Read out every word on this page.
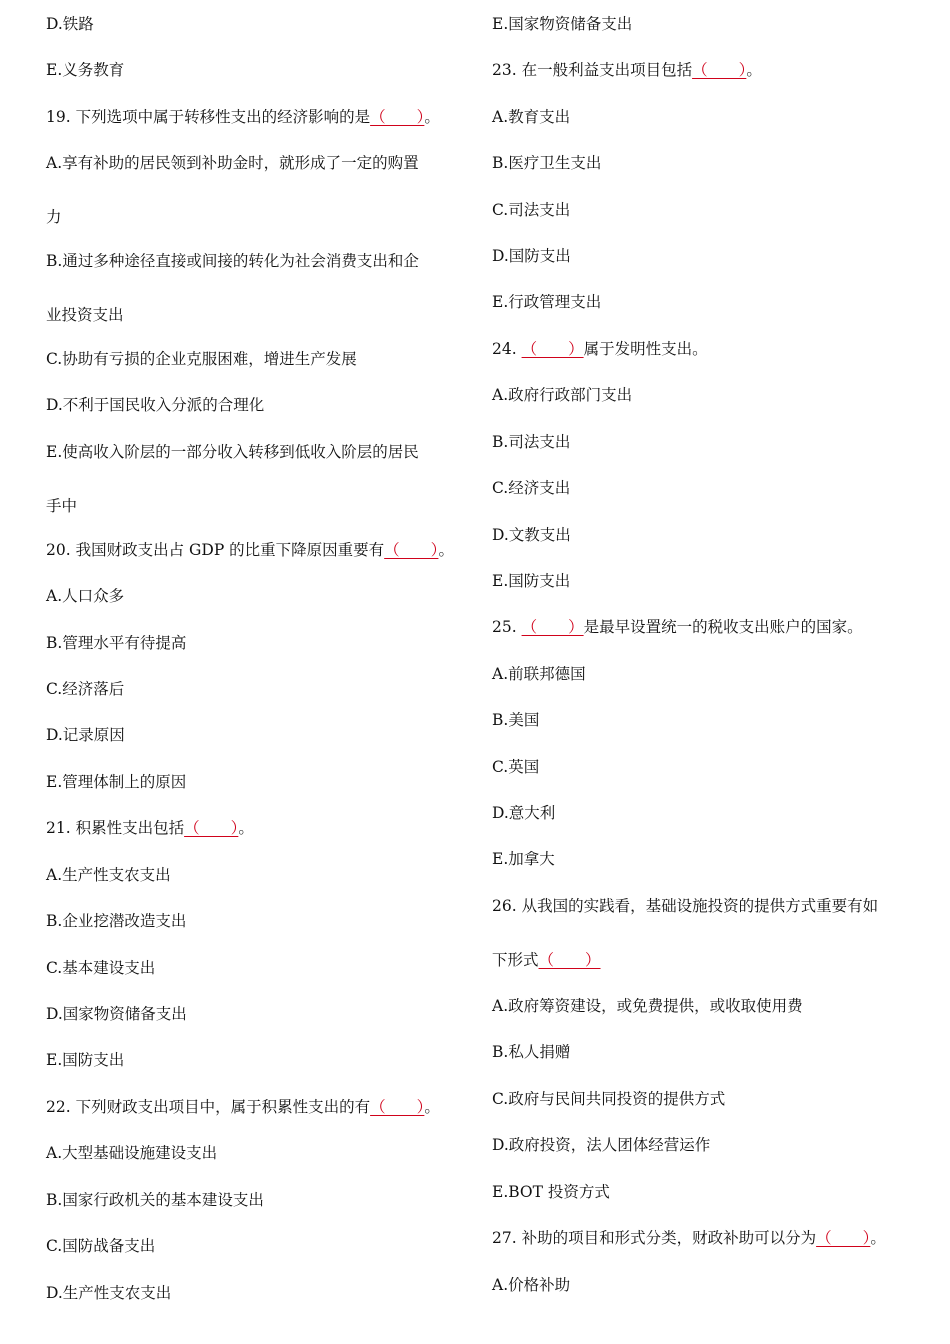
D.铁路
E.义务教育
19. 下列选项中属于转移性支出的经济影响的是（　　）。
A.享有补助的居民领到补助金时，就形成了一定的购置
力
B.通过多种途径直接或间接的转化为社会消费支出和企
业投资支出
C.协助有亏损的企业克服困难，增进生产发展
D.不利于国民收入分派的合理化
E.使高收入阶层的一部分收入转移到低收入阶层的居民
手中
20. 我国财政支出占 GDP 的比重下降原因重要有（　　）。
A.人口众多
B.管理水平有待提高
C.经济落后
D.记录原因
E.管理体制上的原因
21. 积累性支出包括（　　）。
A.生产性支农支出
B.企业挖潜改造支出
C.基本建设支出
D.国家物资储备支出
E.国防支出
22. 下列财政支出项目中，属于积累性支出的有（　　）。
A.大型基础设施建设支出
B.国家行政机关的基本建设支出
C.国防战备支出
D.生产性支农支出
E.国家物资储备支出
23. 在一般利益支出项目包括（　　）。
A.教育支出
B.医疗卫生支出
C.司法支出
D.国防支出
E.行政管理支出
24. （　　）属于发明性支出。
A.政府行政部门支出
B.司法支出
C.经济支出
D.文教支出
E.国防支出
25. （　　）是最早设置统一的税收支出账户的国家。
A.前联邦德国
B.美国
C.英国
D.意大利
E.加拿大
26. 从我国的实践看，基础设施投资的提供方式重要有如
下形式（　　）
A.政府筹资建设，或免费提供，或收取使用费
B.私人捐赠
C.政府与民间共同投资的提供方式
D.政府投资，法人团体经营运作
E.BOT 投资方式
27. 补助的项目和形式分类，财政补助可以分为（　　）。
A.价格补助
